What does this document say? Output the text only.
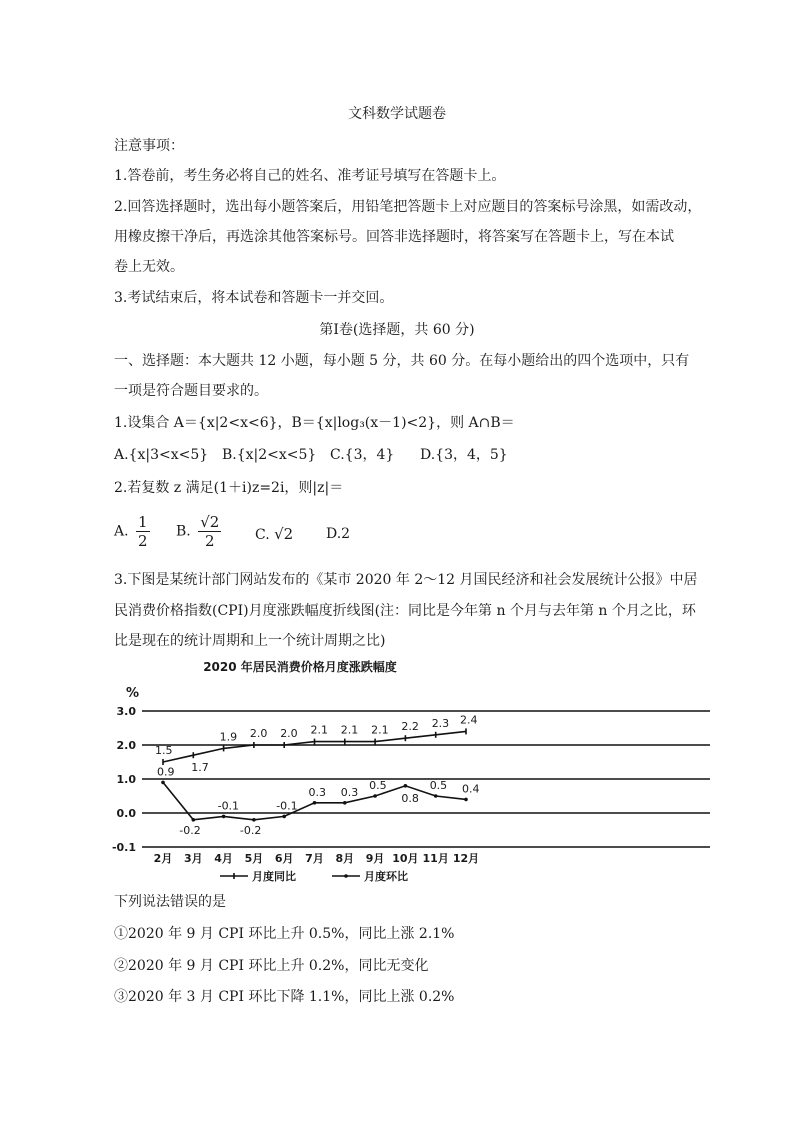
文科数学试题卷
注意事项：
1.答卷前，考生务必将自己的姓名、准考证号填写在答题卡上。
2.回答选择题时，选出每小题答案后，用铅笔把答题卡上对应题目的答案标号涂黑，如需改动，
用橡皮擦干净后，再选涂其他答案标号。回答非选择题时，将答案写在答题卡上，写在本试
卷上无效。
3.考试结束后，将本试卷和答题卡一并交回。
第Ⅰ卷(选择题，共 60 分)
一、选择题：本大题共 12 小题，每小题 5 分，共 60 分。在每小题给出的四个选项中，只有
一项是符合题目要求的。
1.设集合 A＝{x|2<x<6}，B＝{x|log₃(x－1)<2}，则 A∩B＝
A.{x|3<x<5} B.{x|2<x<5} C.{3，4} D.{3，4，5}
2.若复数 z 满足(1＋i)z=2i，则|z|＝
A. $\frac{1}{2} B$. $\frac{√2}{2} C$. √2 D.2
3.下图是某统计部门网站发布的《某市 2020 年 2～12 月国民经济和社会发展统计公报》中居
民消费价格指数(CPI)月度涨跌幅度折线图(注：同比是今年第 n 个月与去年第 n 个月之比，环
比是现在的统计周期和上一个统计周期之比)
2020 年居民消费价格月度涨跌幅度
%
3.0
2.0
1.0
0.0
-0.1
2月 3月 4月 5月 6月 7月 8月 9月 10月 11月 12月
1.5
1.7
1.9 2.0 2.0 2.1 2.1 2.1 2.2 2.3 2.4
0.9
-0.2
-0.1
-0.2
-0.1
0.3 0.3
0.5
0.8
0.5 0.4
月度同比	月度环比
下列说法错误的是
①2020 年 9 月 CPI 环比上升 0.5%，同比上涨 2.1%
②2020 年 9 月 CPI 环比上升 0.2%，同比无变化
③2020 年 3 月 CPI 环比下降 1.1%，同比上涨 0.2%
